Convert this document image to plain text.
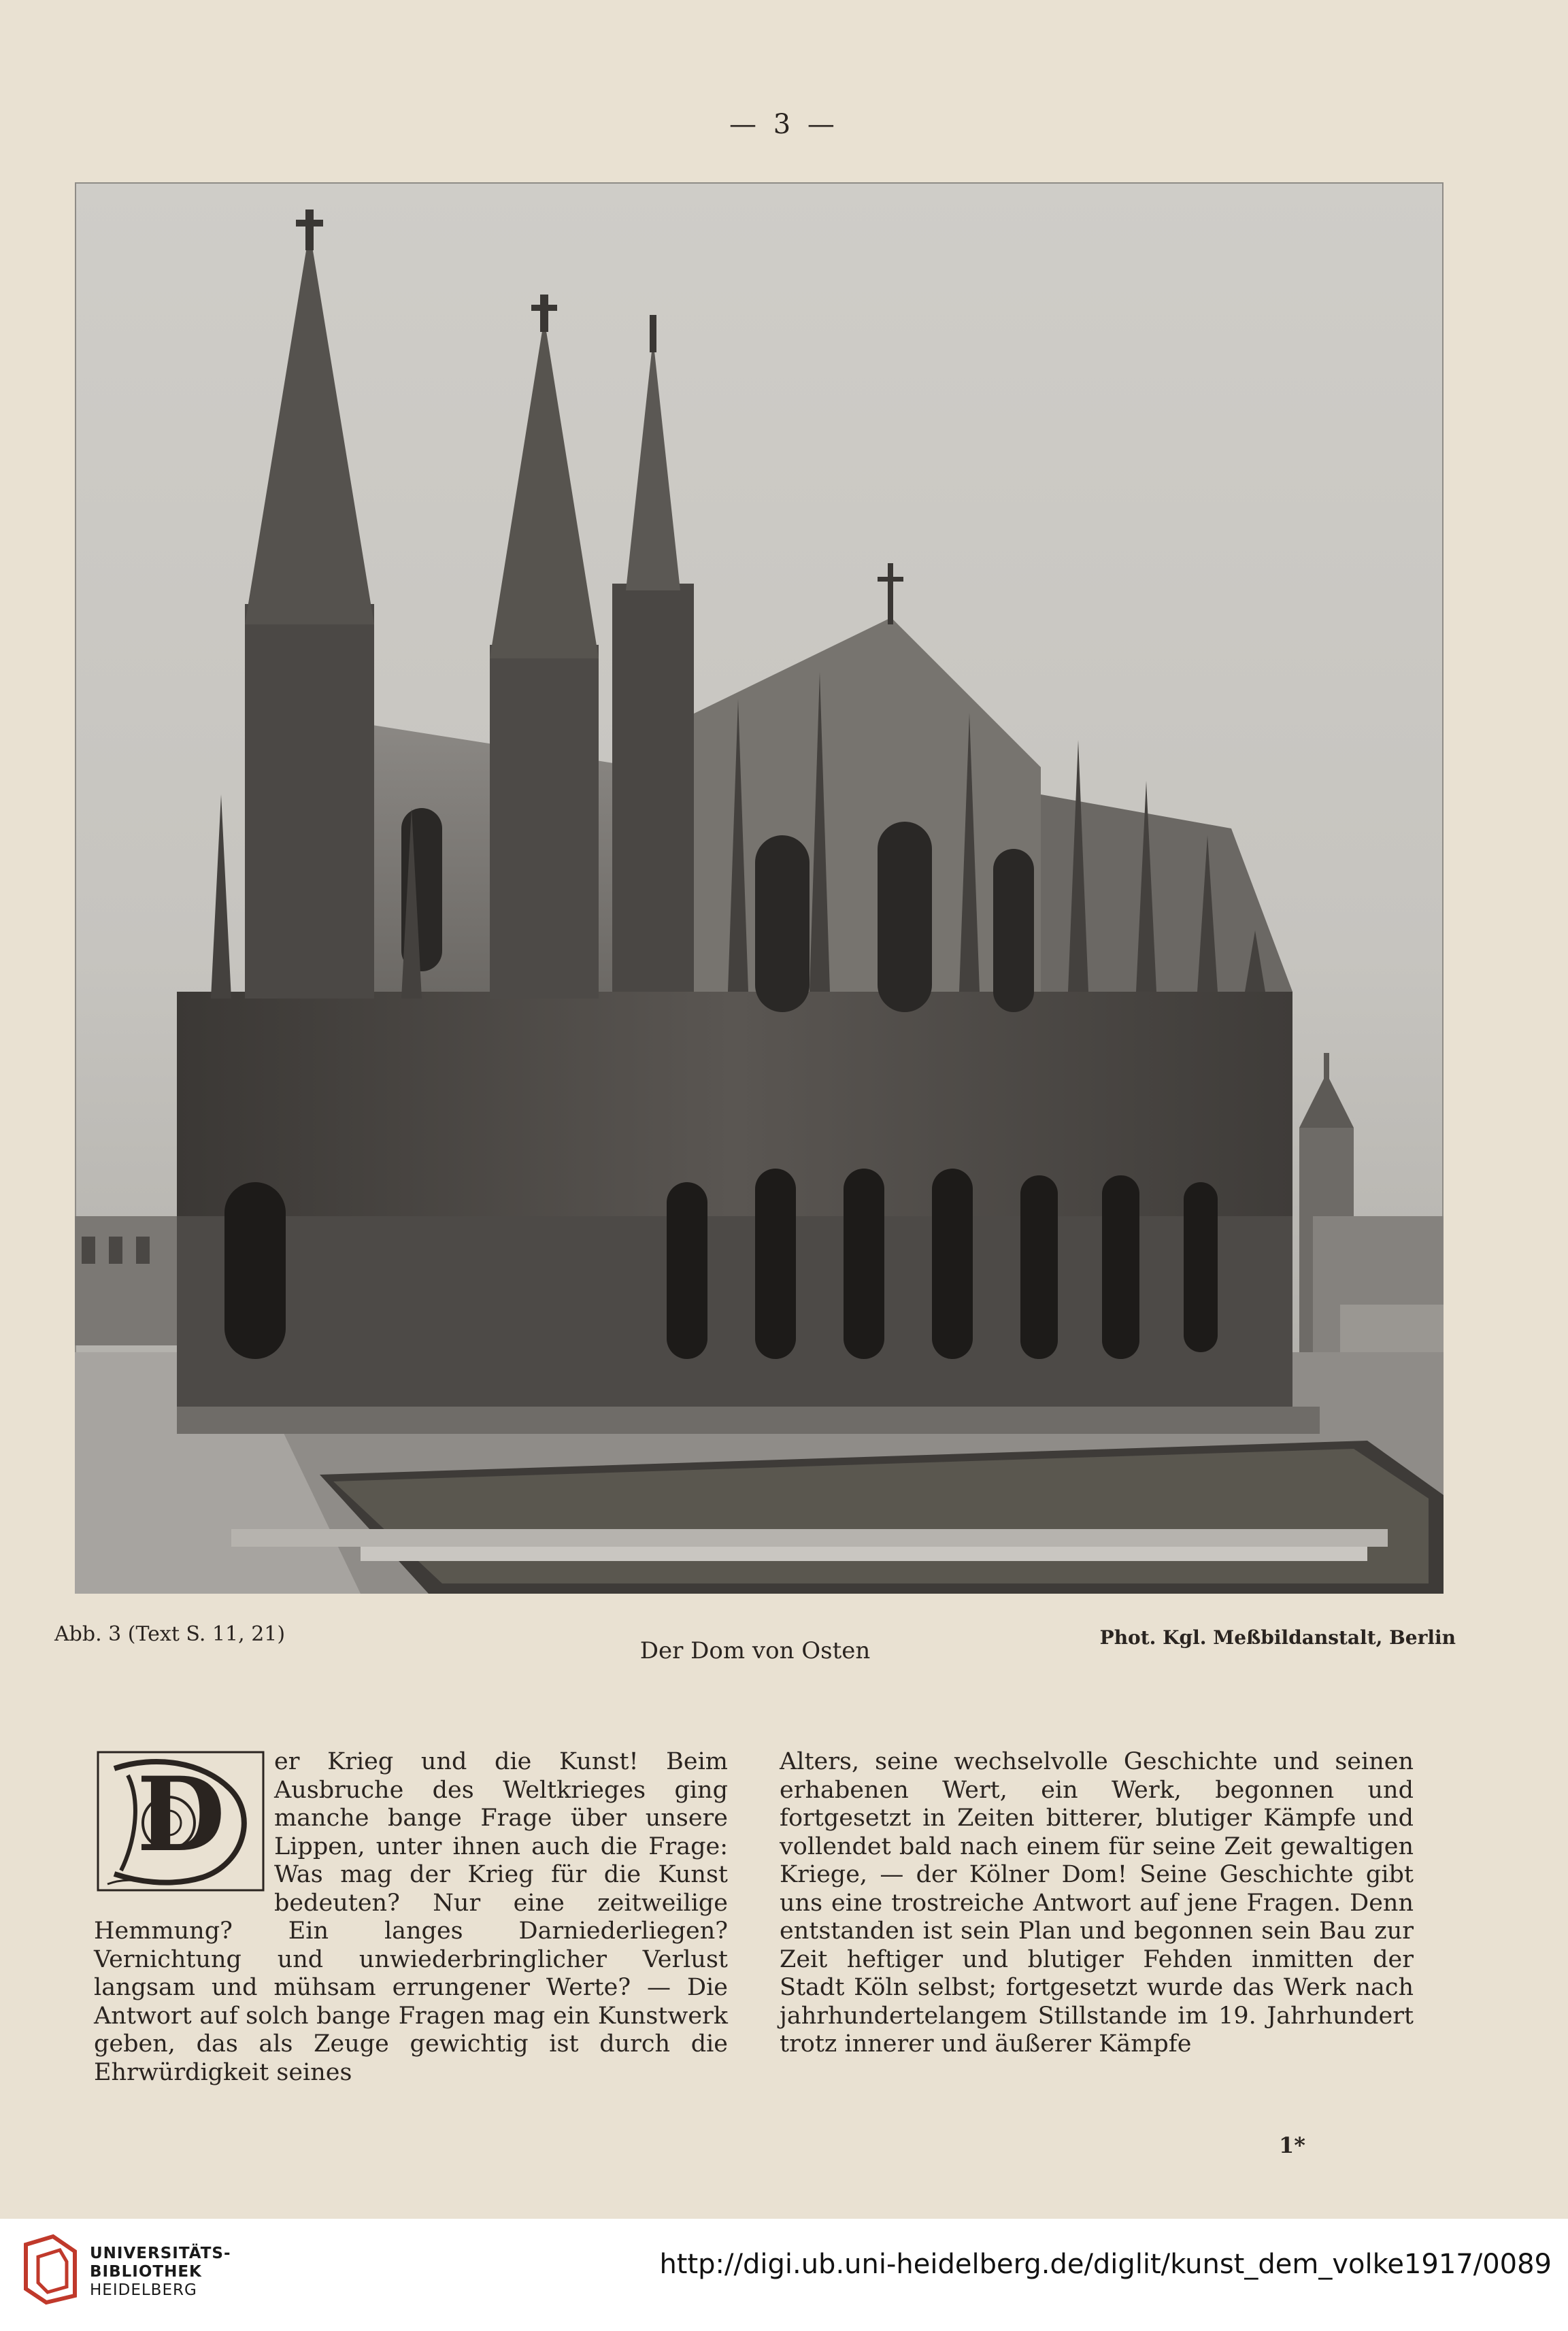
— 3 —
Abb. 3 (Text S. 11, 21)
Der Dom von Osten	Phot. Kgl. Meßbildanstalt, Berlin
D	er Krieg und die Kunst! Beim Ausbruche des Weltkrieges ging manche bange Frage über unsere Lippen, unter ihnen auch die Frage: Was mag der Krieg für die Kunst bedeuten? Nur eine zeitweilige Hemmung? Ein langes Darniederliegen? Vernichtung und unwiederbringlicher Verlust langsam und mühsam errungener Werte? — Die Antwort auf solch bange Fragen mag ein Kunstwerk geben, das als Zeuge gewichtig ist durch die Ehrwürdigkeit seines

Alters, seine wechselvolle Geschichte und seinen erhabenen Wert, ein Werk, begonnen und fortgesetzt in Zeiten bitterer, blutiger Kämpfe und vollendet bald nach einem für seine Zeit gewaltigen Kriege, — der Kölner Dom! Seine Geschichte gibt uns eine trostreiche Antwort auf jene Fragen. Denn entstanden ist sein Plan und begonnen sein Bau zur Zeit heftiger und blutiger Fehden inmitten der Stadt Köln selbst; fortgesetzt wurde das Werk nach jahrhundertelangem Stillstande im 19. Jahrhundert trotz innerer und äußerer Kämpfe

1*
UNIVERSITÄTS-
BIBLIOTHEK
HEIDELBERG
http://digi.ub.uni-heidelberg.de/diglit/kunst_dem_volke1917/0089
